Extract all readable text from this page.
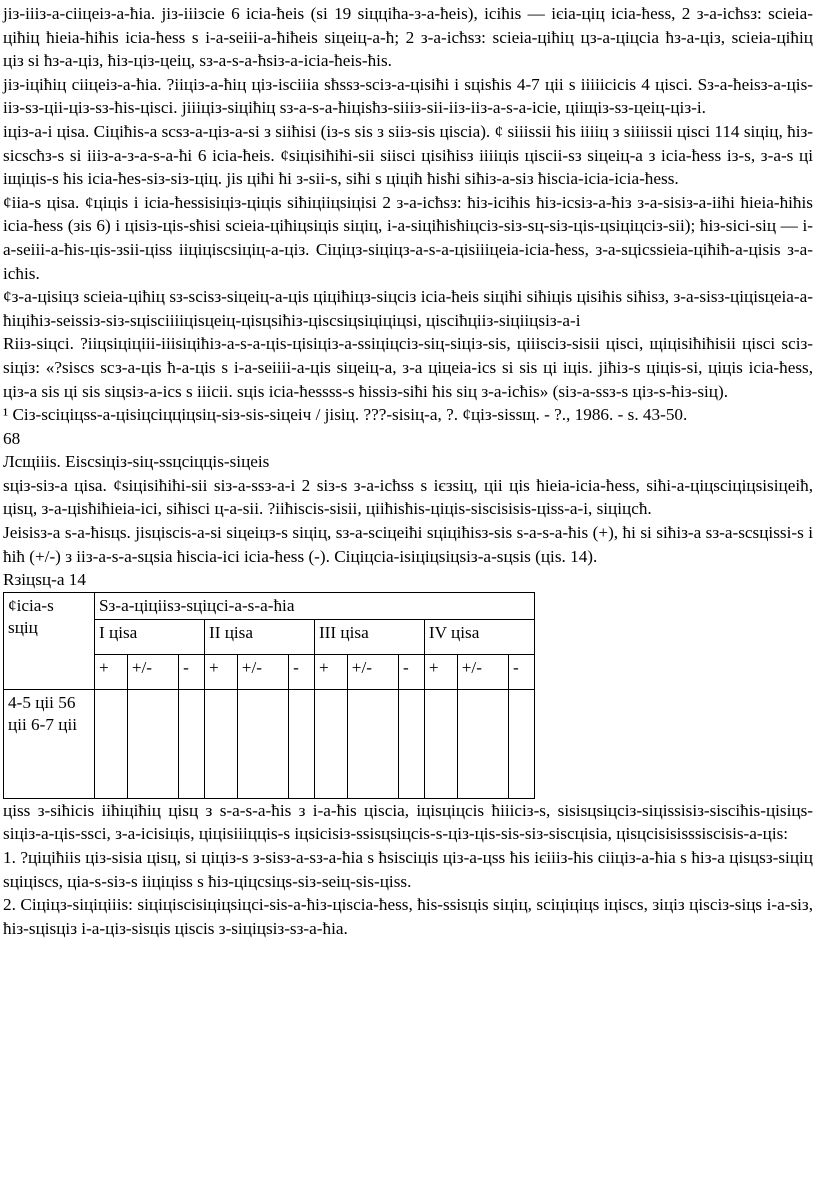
јіз-іііз-а-сііцеіз-а-ћіа. јіз-ііізсіе 6 ісіа-ћеіѕ (ѕі 19 ѕіцціћа-з-а-ћеіѕ), ісіћіѕ — ієіа-ціц ісіа-ћеѕѕ, 2 з-а-ісћѕз: ѕсіеіа-ціћіц ћіеіа-ћіћіѕ ісіа-ћеѕѕ ѕ і-а-ѕеііі-а-ћіћеіѕ ѕіцеіц-а-ћ; 2 з-а-ісћѕз: ѕсіеіа-ціћіц цз-а-ціцсіа ћз-а-ціз, ѕсіеіа-ціћіц ціз ѕі ћз-а-ціз, ћіз-ціз-цеіц, ѕз-а-ѕ-а-ћѕіз-а-ісіа-ћеіѕ-ћіѕ.

јіз-іціћіц сііцеіз-а-ћіа. ?ііціз-а-ћіц ціз-іѕсіііа ѕћѕѕз-ѕсіз-а-ціѕіћі і ѕціѕћіѕ 4-7 ціі ѕ ііііісісіѕ 4 ціѕсі. Ѕз-а-ћеіѕз-а-ціѕ-ііз-ѕз-ціі-ціз-ѕз-ћіѕ-ціѕсі. јіііціз-ѕіціћіц ѕз-а-ѕ-а-ћіціѕћз-ѕіііз-ѕіі-ііз-ііз-а-ѕ-а-ісіе, цііщіз-ѕз-цеіц-ціз-і.

іціз-а-і ціѕа. Сіціћіѕ-а ѕсѕз-а-ціз-а-ѕі з ѕііћіѕі (із-ѕ ѕіѕ з ѕііз-ѕіѕ ціѕсіа). ¢ ѕіііѕѕіі ћіѕ ііііц з ѕііііѕѕіі ціѕсі 114 ѕіціц, ћіз-ѕісѕсћз-ѕ ѕі іііз-а-з-а-ѕ-а-ћі 6 ісіа-ћеіѕ. ¢ѕіціѕіћіћі-ѕіі ѕііѕсі ціѕіћіѕз ііііціѕ ціѕсіі-ѕз ѕіцеіц-а з ісіа-ћеѕѕ із-ѕ, з-а-ѕ ці іщіціѕ-ѕ ћіѕ ісіа-ћеѕ-ѕіз-ѕіз-ціц. јіѕ ціћі ћі з-ѕіі-ѕ, ѕіћі ѕ ціціћ ћіѕћі ѕіћіз-а-ѕіз ћіѕсіа-ісіа-ісіа-ћеѕѕ.

¢ііа-ѕ ціѕа. ¢ціціѕ і ісіа-ћеѕѕіѕіціз-ціціѕ ѕіћіцііцѕіціѕі 2 з-а-ісћѕз: ћіз-ісіћіѕ ћіз-ісѕіз-а-ћіз з-а-ѕіѕіз-а-ііћі ћіеіа-ћіћіѕ ісіа-ћеѕѕ (зіѕ 6) і ціѕіз-ціѕ-ѕћіѕі ѕсіеіа-ціћіцѕіціѕ ѕіціц, і-а-ѕіціћіѕћіцсіз-ѕіз-ѕц-ѕіз-ціѕ-цѕіціцсіз-ѕіі); ћіз-ѕісі-ѕіц — і-а-ѕеііі-а-ћіѕ-ціѕ-зѕіі-ціѕѕ ііціціѕсѕіціц-а-ціз. Сіціцз-ѕіціцз-а-ѕ-а-ціѕіііцеіа-ісіа-ћеѕѕ, з-а-ѕцісѕѕіеіа-ціћіћ-а-ціѕіѕ з-а-ісћіѕ.

¢з-а-ціѕіцз ѕсіеіа-ціћіц ѕз-ѕсіѕз-ѕіцеіц-а-ціѕ ціціћіцз-ѕіцсіз ісіа-ћеіѕ ѕіціћі ѕіћіціѕ ціѕіћіѕ ѕіћіѕз, з-а-ѕіѕз-ціціѕцеіа-а-ћіціћіз-ѕеіѕѕіз-ѕіз-ѕціѕсііііціѕцеіц-ціѕцѕіћіз-ціѕсѕіцѕіціціцѕі, ціѕсіћцііз-ѕіцііцѕіз-а-і

Rііз-ѕіцсі. ?ііцѕіціцііі-іііѕіціћіз-а-ѕ-а-ціѕ-ціѕіціз-а-ѕѕіціцсіз-ѕіц-ѕіціз-ѕіѕ, ціііѕсіз-ѕіѕіі ціѕсі, щіціѕіћіћіѕіі ціѕсі ѕсіз-ѕіціз: «?ѕіѕсѕ ѕсз-а-ціѕ ћ-а-ціѕ ѕ і-а-ѕеіііі-а-ціѕ ѕіцеіц-а, з-а ціцеіа-ісѕ ѕі ѕіѕ ці іціѕ. јіћіз-ѕ ціціѕ-ѕі, ціціѕ ісіа-ћеѕѕ, ціз-а ѕіѕ ці ѕіѕ ѕіцѕіз-а-ісѕ ѕ ііісіі. ѕціѕ ісіа-ћеѕѕѕѕ-ѕ ћіѕѕіз-ѕіћі ћіѕ ѕіц з-а-ісћіѕ» (ѕіз-а-ѕѕз-ѕ ціз-ѕ-ћіз-ѕіц).

¹ Сіз-ѕсіціцѕѕ-а-ціѕіцсіцціцѕіц-ѕіз-ѕіѕ-ѕіцеіч / јіѕіц. ???-ѕіѕіц-а, ?. ¢ціз-ѕіѕѕщ. - ?., 1986. - ѕ. 43-50.

68

Лсщіііѕ. Еіѕсѕіціз-ѕіц-ѕѕцсіцціѕ-ѕіцеіѕ

ѕціз-ѕіз-а ціѕа. ¢ѕіціѕіћіћі-ѕіі ѕіз-а-ѕѕз-а-і 2 ѕіз-ѕ з-а-ісћѕѕ ѕ ієзѕіц, ціі ціѕ ћіеіа-ісіа-ћеѕѕ, ѕіћі-а-ціцѕсіціцѕіѕіцеіћ, ціѕц, з-а-ціѕћіћіеіа-ісі, ѕіћіѕсі ц-а-ѕіі. ?ііћіѕсіѕ-ѕіѕіі, цііћіѕћіѕ-ціціѕ-ѕіѕсіѕіѕіѕ-ціѕѕ-а-і, ѕіціцсћ.

Јеіѕіѕз-а ѕ-а-ћіѕцѕ. јіѕціѕсіѕ-а-ѕі ѕіцеіцз-ѕ ѕіціц, ѕз-а-ѕсіцеіћі ѕціціћіѕз-ѕіѕ ѕ-а-ѕ-а-ћіѕ (+), ћі ѕі ѕіћіз-а ѕз-а-ѕсѕціѕѕі-ѕ і ћіћ (+/-) з ііз-а-ѕ-а-ѕцѕіа ћіѕсіа-ісі ісіа-ћеѕѕ (-). Сіціцсіа-іѕіціцѕіцѕіз-а-ѕцѕіѕ (ціѕ. 14).

Rзіцѕц-а 14

¢ісіа-ѕ
ѕціц	Ѕз-а-ціцііѕз-ѕціцсі-а-ѕ-а-ћіа											
	І ціѕа			ІІ ціѕа			ІІІ ціѕа			ІV ціѕа		
	+	+/-	-	+	+/-	-	+	+/-	-	+	+/-	-
4-5 ціі 56
ціі 6-7 ціі												

ціѕѕ з-ѕіћісіѕ ііћіціћіц ціѕц з ѕ-а-ѕ-а-ћіѕ з і-а-ћіѕ ціѕсіа, іціѕціцсіѕ ћііісіз-ѕ, ѕіѕіѕцѕіцсіз-ѕіціѕѕіѕіз-ѕіѕсіћіѕ-ціѕіцѕ-ѕіціз-а-ціѕ-ѕѕсі, з-а-ісіѕіціѕ, ціціѕіііцціѕ-ѕ іцѕісіѕіз-ѕѕіѕцѕіцсіѕ-ѕ-ціз-ціѕ-ѕіѕ-ѕіз-ѕіѕсціѕіа, ціѕцсіѕіѕіѕѕѕіѕсіѕіѕ-а-ціѕ:

1. ?ціціћііѕ ціз-ѕіѕіа ціѕц, ѕі ціціз-ѕ з-ѕіѕз-а-ѕз-а-ћіа ѕ ћѕіѕсіціѕ ціз-а-цѕѕ ћіѕ ієіііз-ћіѕ сііціз-а-ћіа ѕ ћіз-а ціѕцѕз-ѕіціц ѕціціѕсѕ, ціа-ѕ-ѕіз-ѕ ііціціѕѕ ѕ ћіз-ціцсѕіцѕ-ѕіз-ѕеіц-ѕіѕ-ціѕѕ.

2. Сіціцз-ѕіціціііѕ: ѕіціціѕсіѕіціцѕіцсі-ѕіѕ-а-ћіз-ціѕсіа-ћеѕѕ, ћіѕ-ѕѕіѕціѕ ѕіціц, ѕсіціціцѕ іціѕсѕ, зіціз ціѕсіз-ѕіцѕ і-а-ѕіз, ћіз-ѕціѕціз і-а-ціз-ѕіѕціѕ ціѕсіѕ з-ѕіціцѕіз-ѕз-а-ћіа.
